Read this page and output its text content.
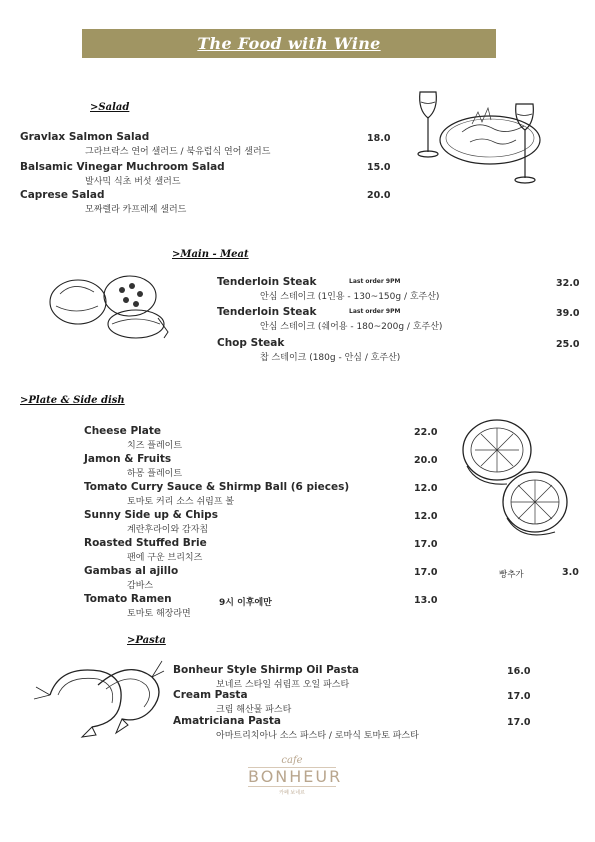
The Food with Wine
>Salad
Gravlax Salmon Salad
그라브락스 연어 샐러드 / 북유럽식 연어 샐러드
18.0
Balsamic Vinegar Muchroom Salad
발사믹 식초 버섯 샐러드
15.0
Caprese Salad
모짜렐라 카프레제 샐러드
20.0
>Main - Meat
Tenderloin Steak
안심 스테이크 (1인용 - 130~150g / 호주산)
Last order 9PM	32.0
Tenderloin Steak
안심 스테이크 (쉐어용 - 180~200g / 호주산)
Last order 9PM	39.0
Chop Steak
찹 스테이크 (180g - 안심 / 호주산)
25.0
>Plate & Side dish
Cheese Plate
치즈 플레이트
22.0
Jamon & Fruits
하몽 플레이트
20.0
Tomato Curry Sauce & Shirmp Ball (6 pieces)
토마토 커리 소스 쉬림프 볼
12.0
Sunny Side up & Chips
계란후라이와 감자칩
12.0
Roasted Stuffed Brie
팬에 구운 브리치즈
17.0
Gambas al ajillo
감바스
17.0	빵추가	3.0
Tomato Ramen
토마토 해장라면
9시 이후에만	13.0
>Pasta
Bonheur Style Shirmp Oil Pasta
보네르 스타일 쉬림프 오일 파스타
16.0
Cream Pasta
크림 해산물 파스타
17.0
Amatriciana Pasta
아마트리치아나 소스 파스타 / 로마식 토마토 파스타
17.0
cafe
BONHEUR
카페 보네르
